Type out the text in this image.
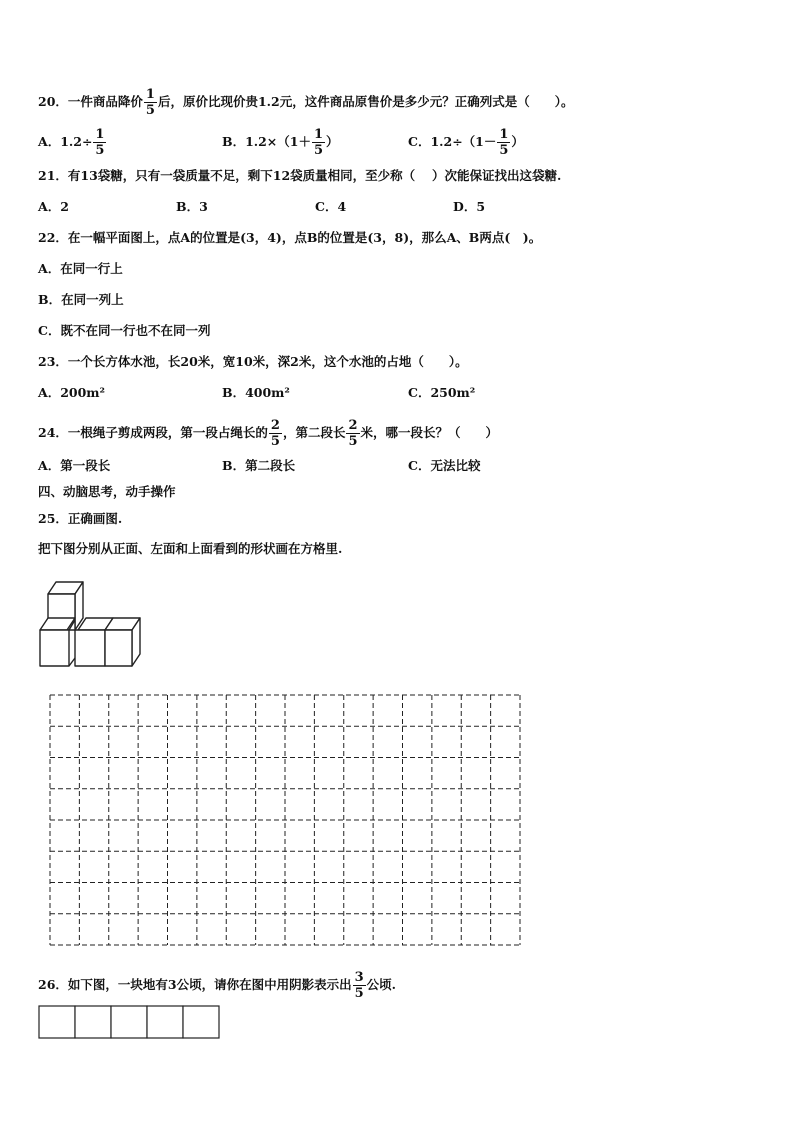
20．一件商品降价 $\frac{1}{5}$ 后，原价比现价贵1.2元，这件商品原售价是多少元？正确列式是（　　）。
A．$1.2\div \frac{1}{5}$	B．$1.2\times(1+ \frac{1}{5}$ ）	C．$1.2\div(1- \frac{1}{5}$ ）
21．有13袋糖，只有一袋质量不足，剩下12袋质量相同，至少称（　 ）次能保证找出这袋糖.
A．2	B．3	C．4	D．5
22．在一幅平面图上，点A的位置是(3，4)，点B的位置是(3，8)，那么A、B两点(　)。
A．在同一行上
B．在同一列上
C．既不在同一行也不在同一列
23．一个长方体水池，长20米，宽10米，深2米，这个水池的占地（　　）。
A．200m²	B．400m²	C．250m²
24．一根绳子剪成两段，第一段占绳长的 $\frac{2}{5}$ ，第二段长 $\frac{2}{5}$ 米，哪一段长？（　　）
A．第一段长	B．第二段长	C．无法比较
四、动脑思考，动手操作
25．正确画图.
把下图分别从正面、左面和上面看到的形状画在方格里.
26．如下图，一块地有3公顷，请你在图中用阴影表示出 $\frac{3}{5}$ 公顷.
